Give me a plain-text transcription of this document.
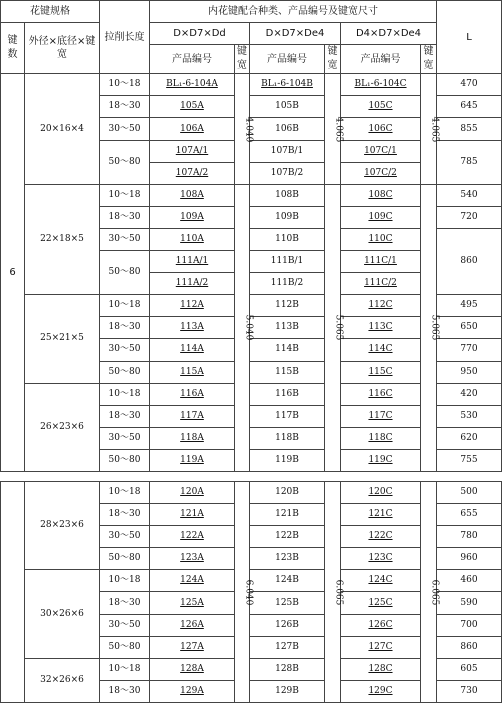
花键规格		拉削长度	内花键配合种类、产品编号及键宽尺寸						L
键数	外径×底径×键宽		D×D7×Dd		D×D7×De4		D4×D7×De4		
			产品编号	键宽	产品编号	键宽	产品编号	键宽	
6	20×16×4	10～18	BL₁-6-104A	4.040	BL₁-6-104B	4.065	BL₁-6-104C	4.065	470
		18～30	105A		105B		105C		645
		30～50	106A		106B		106C		855
		50～80	107A/1		107B/1		107C/1		785
			107A/2		107B/2		107C/2		
	22×18×5	10～18	108A	5.040	108B	5.065	108C	5.065	540
		18～30	109A		109B		109C		720
		30～50	110A		110B		110C		860
		50～80	111A/1		111B/1		111C/1		
			111A/2		111B/2		111C/2		
	25×21×5	10～18	112A		112B		112C		495
		18～30	113A		113B		113C		650
		30～50	114A		114B		114C		770
		50～80	115A		115B		115C		950
	26×23×6	10～18	116A		116B		116C		420
		18～30	117A		117B		117C		530
		30～50	118A		118B		118C		620
		50～80	119A		119B		119C		755

	28×23×6	10～18	120A	6.040	120B	6.065	120C	6.065	500
		18～30	121A		121B		121C		655
		30～50	122A		122B		122C		780
		50～80	123A		123B		123C		960
	30×26×6	10～18	124A		124B		124C		460
		18～30	125A		125B		125C		590
		30～50	126A		126B		126C		700
		50～80	127A		127B		127C		860
	32×26×6	10～18	128A		128B		128C		605
		18～30	129A		129B		129C		730
